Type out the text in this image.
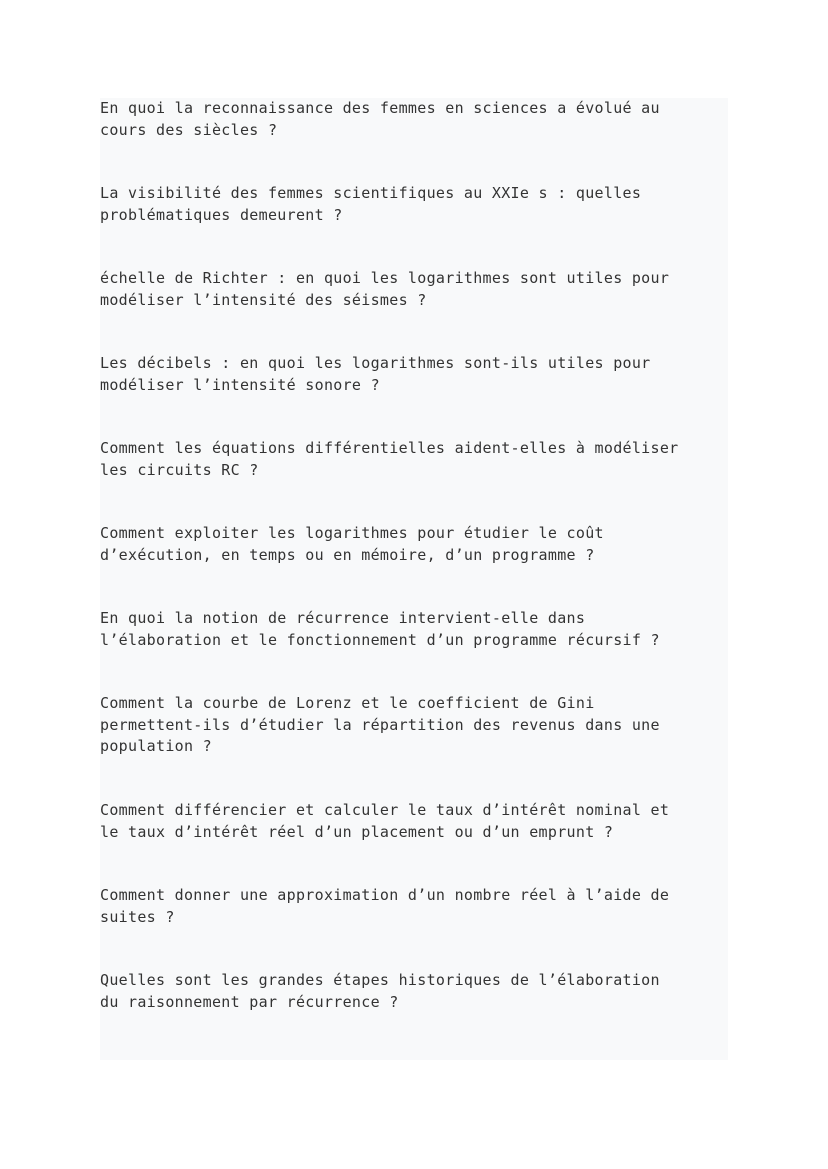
En quoi la reconnaissance des femmes en sciences a évolué au
cours des siècles ?

La visibilité des femmes scientifiques au XXIe s : quelles
problématiques demeurent ?

échelle de Richter : en quoi les logarithmes sont utiles pour
modéliser l’intensité des séismes ?

Les décibels : en quoi les logarithmes sont-ils utiles pour
modéliser l’intensité sonore ?

Comment les équations différentielles aident-elles à modéliser
les circuits RC ?

Comment exploiter les logarithmes pour étudier le coût
d’exécution, en temps ou en mémoire, d’un programme ?

En quoi la notion de récurrence intervient-elle dans
l’élaboration et le fonctionnement d’un programme récursif ?

Comment la courbe de Lorenz et le coefficient de Gini
permettent-ils d’étudier la répartition des revenus dans une
population ?

Comment différencier et calculer le taux d’intérêt nominal et
le taux d’intérêt réel d’un placement ou d’un emprunt ?

Comment donner une approximation d’un nombre réel à l’aide de
suites ?

Quelles sont les grandes étapes historiques de l’élaboration
du raisonnement par récurrence ?
